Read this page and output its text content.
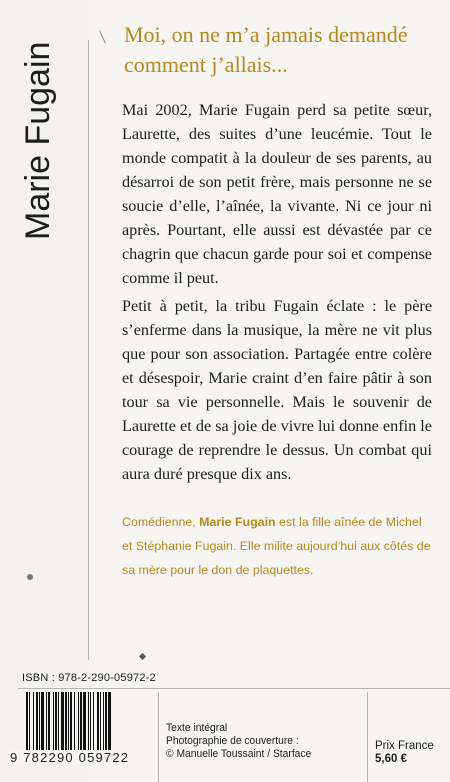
Marie Fugain
Moi, on ne m’a jamais demandé comment j’allais...

Mai 2002, Marie Fugain perd sa petite sœur, Laurette, des suites d’une leucémie. Tout le monde compatit à la douleur de ses parents, au désarroi de son petit frère, mais personne ne se soucie d’elle, l’aînée, la vivante. Ni ce jour ni après. Pourtant, elle aussi est dévastée par ce chagrin que chacun garde pour soi et compense comme il peut.

Petit à petit, la tribu Fugain éclate : le père s’enferme dans la musique, la mère ne vit plus que pour son association. Partagée entre colère et désespoir, Marie craint d’en faire pâtir à son tour sa vie personnelle. Mais le souvenir de Laurette et de sa joie de vivre lui donne enfin le courage de reprendre le dessus. Un combat qui aura duré presque dix ans.

Comédienne, Marie Fugain est la fille aînée de Michel et Stéphanie Fugain. Elle milite aujourd’hui aux côtés de sa mère pour le don de plaquettes.

ISBN : 978-2-290-05972-2
9 782290 059722
Texte intégral
Photographie de couverture :
© Manuelle Toussaint / Starface
Prix France
5,60 €
